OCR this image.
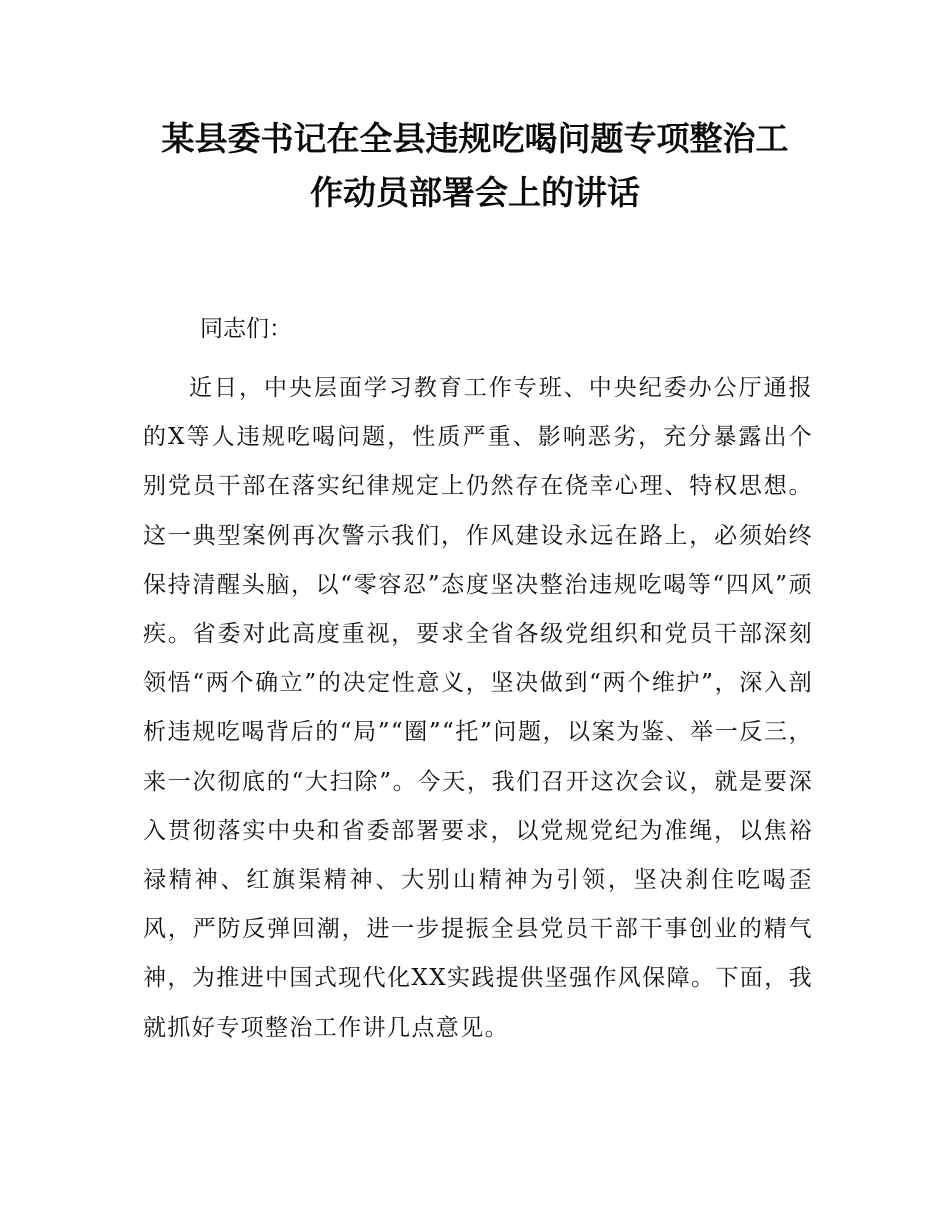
某县委书记在全县违规吃喝问题专项整治工
作动员部署会上的讲话

同志们：

近日，中央层面学习教育工作专班、中央纪委办公厅通报的X等人违规吃喝问题，性质严重、影响恶劣，充分暴露出个别党员干部在落实纪律规定上仍然存在侥幸心理、特权思想。这一典型案例再次警示我们，作风建设永远在路上，必须始终保持清醒头脑，以“零容忍”态度坚决整治违规吃喝等“四风”顽疾。省委对此高度重视，要求全省各级党组织和党员干部深刻领悟“两个确立”的决定性意义，坚决做到“两个维护”，深入剖析违规吃喝背后的“局”“圈”“托”问题，以案为鉴、举一反三，来一次彻底的“大扫除”。今天，我们召开这次会议，就是要深入贯彻落实中央和省委部署要求，以党规党纪为准绳，以焦裕禄精神、红旗渠精神、大别山精神为引领，坚决刹住吃喝歪风，严防反弹回潮，进一步提振全县党员干部干事创业的精气神，为推进中国式现代化XX实践提供坚强作风保障。下面，我就抓好专项整治工作讲几点意见。
